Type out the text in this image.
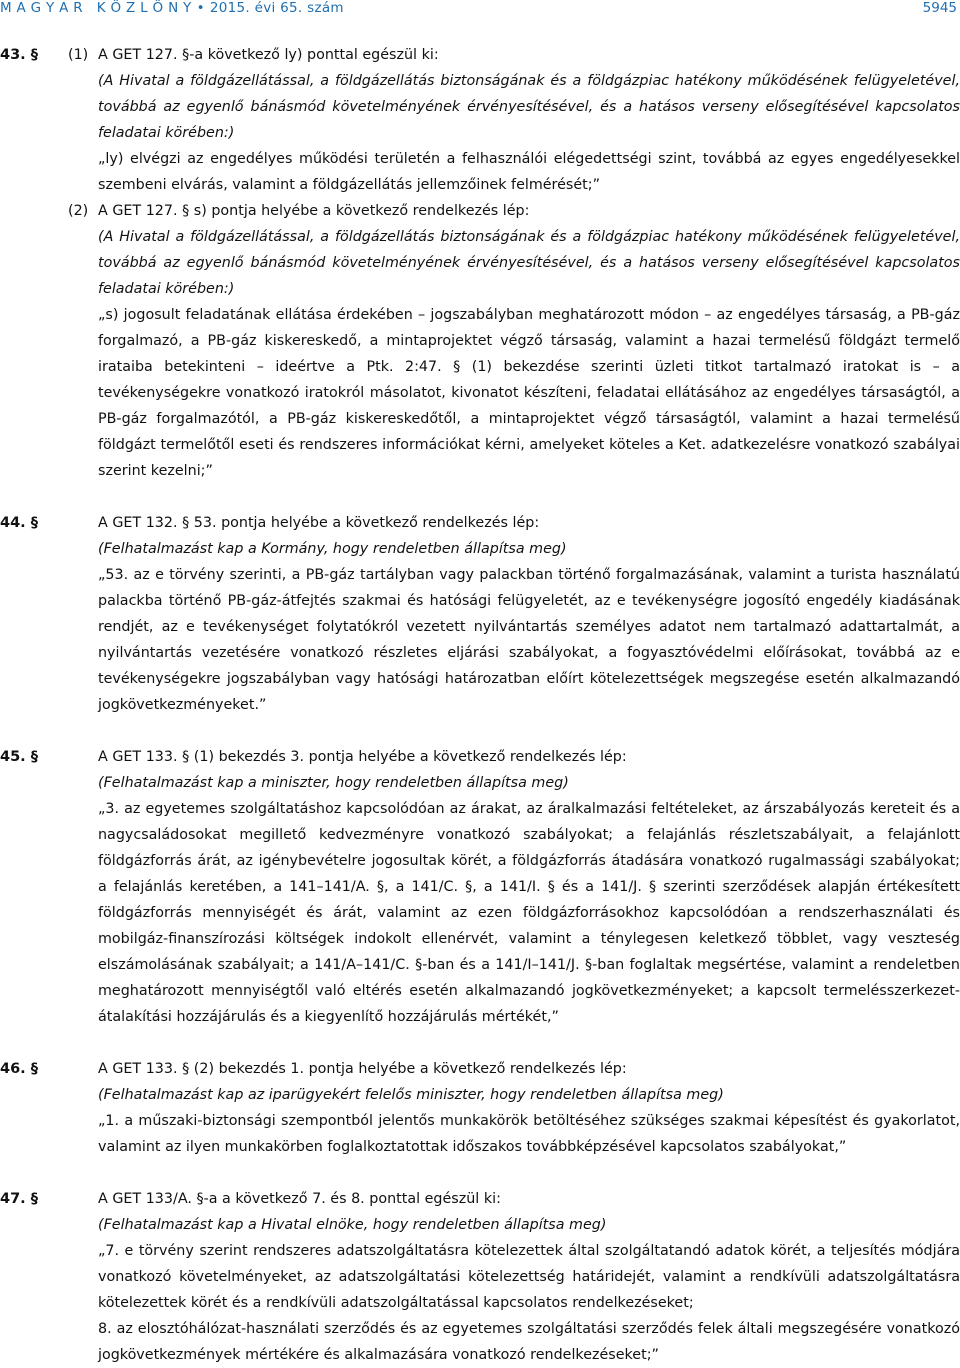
M A G Y A R   K Ö Z L Ö N Y • 2015. évi 65. szám	5945
43. § (1) A GET 127. §-a következő ly) ponttal egészül ki:

(A Hivatal a földgázellátással, a földgázellátás biztonságának és a földgázpiac hatékony működésének felügyeletével, továbbá az egyenlő bánásmód követelményének érvényesítésével, és a hatásos verseny elősegítésével kapcsolatos feladatai körében:)

„ly) elvégzi az engedélyes működési területén a felhasználói elégedettségi szint, továbbá az egyes engedélyesekkel szembeni elvárás, valamint a földgázellátás jellemzőinek felmérését;”

(2) A GET 127. § s) pontja helyébe a következő rendelkezés lép:

(A Hivatal a földgázellátással, a földgázellátás biztonságának és a földgázpiac hatékony működésének felügyeletével, továbbá az egyenlő bánásmód követelményének érvényesítésével, és a hatásos verseny elősegítésével kapcsolatos feladatai körében:)

„s) jogosult feladatának ellátása érdekében – jogszabályban meghatározott módon – az engedélyes társaság, a PB-gáz forgalmazó, a PB-gáz kiskereskedő, a mintaprojektet végző társaság, valamint a hazai termelésű földgázt termelő irataiba betekinteni – ideértve a Ptk. 2:47. § (1) bekezdése szerinti üzleti titkot tartalmazó iratokat is – a tevékenységekre vonatkozó iratokról másolatot, kivonatot készíteni, feladatai ellátásához az engedélyes társaságtól, a PB-gáz forgalmazótól, a PB-gáz kiskereskedőtől, a mintaprojektet végző társaságtól, valamint a hazai termelésű földgázt termelőtől eseti és rendszeres információkat kérni, amelyeket köteles a Ket. adatkezelésre vonatkozó szabályai szerint kezelni;”

44. §	A GET 132. § 53. pontja helyébe a következő rendelkezés lép:

(Felhatalmazást kap a Kormány, hogy rendeletben állapítsa meg)

„53. az e törvény szerinti, a PB-gáz tartályban vagy palackban történő forgalmazásának, valamint a turista használatú palackba történő PB-gáz-átfejtés szakmai és hatósági felügyeletét, az e tevékenységre jogosító engedély kiadásának rendjét, az e tevékenységet folytatókról vezetett nyilvántartás személyes adatot nem tartalmazó adattartalmát, a nyilvántartás vezetésére vonatkozó részletes eljárási szabályokat, a fogyasztóvédelmi előírásokat, továbbá az e tevékenységekre jogszabályban vagy hatósági határozatban előírt kötelezettségek megszegése esetén alkalmazandó jogkövetkezményeket.”

45. §	A GET 133. § (1) bekezdés 3. pontja helyébe a következő rendelkezés lép:

(Felhatalmazást kap a miniszter, hogy rendeletben állapítsa meg)

„3. az egyetemes szolgáltatáshoz kapcsolódóan az árakat, az áralkalmazási feltételeket, az árszabályozás kereteit és a nagycsaládosokat megillető kedvezményre vonatkozó szabályokat; a felajánlás részletszabályait, a felajánlott földgázforrás árát, az igénybevételre jogosultak körét, a földgázforrás átadására vonatkozó rugalmassági szabályokat; a felajánlás keretében, a 141–141/A. §, a 141/C. §, a 141/I. § és a 141/J. § szerinti szerződések alapján értékesített földgázforrás mennyiségét és árát, valamint az ezen földgázforrásokhoz kapcsolódóan a rendszerhasználati és mobilgáz-finanszírozási költségek indokolt ellenérvét, valamint a ténylegesen keletkező többlet, vagy veszteség elszámolásának szabályait; a 141/A–141/C. §-ban és a 141/I–141/J. §-ban foglaltak megsértése, valamint a rendeletben meghatározott mennyiségtől való eltérés esetén alkalmazandó jogkövetkezményeket; a kapcsolt termelésszerkezet-átalakítási hozzájárulás és a kiegyenlítő hozzájárulás mértékét,”

46. §	A GET 133. § (2) bekezdés 1. pontja helyébe a következő rendelkezés lép:

(Felhatalmazást kap az iparügyekért felelős miniszter, hogy rendeletben állapítsa meg)

„1. a műszaki-biztonsági szempontból jelentős munkakörök betöltéséhez szükséges szakmai képesítést és gyakorlatot, valamint az ilyen munkakörben foglalkoztatottak időszakos továbbképzésével kapcsolatos szabályokat,”

47. §	A GET 133/A. §-a a következő 7. és 8. ponttal egészül ki:

(Felhatalmazást kap a Hivatal elnöke, hogy rendeletben állapítsa meg)

„7. e törvény szerint rendszeres adatszolgáltatásra kötelezettek által szolgáltatandó adatok körét, a teljesítés módjára vonatkozó követelményeket, az adatszolgáltatási kötelezettség határidejét, valamint a rendkívüli adatszolgáltatásra kötelezettek körét és a rendkívüli adatszolgáltatással kapcsolatos rendelkezéseket;

8. az elosztóhálózat-használati szerződés és az egyetemes szolgáltatási szerződés felek általi megszegésére vonatkozó jogkövetkezmények mértékére és alkalmazására vonatkozó rendelkezéseket;”
